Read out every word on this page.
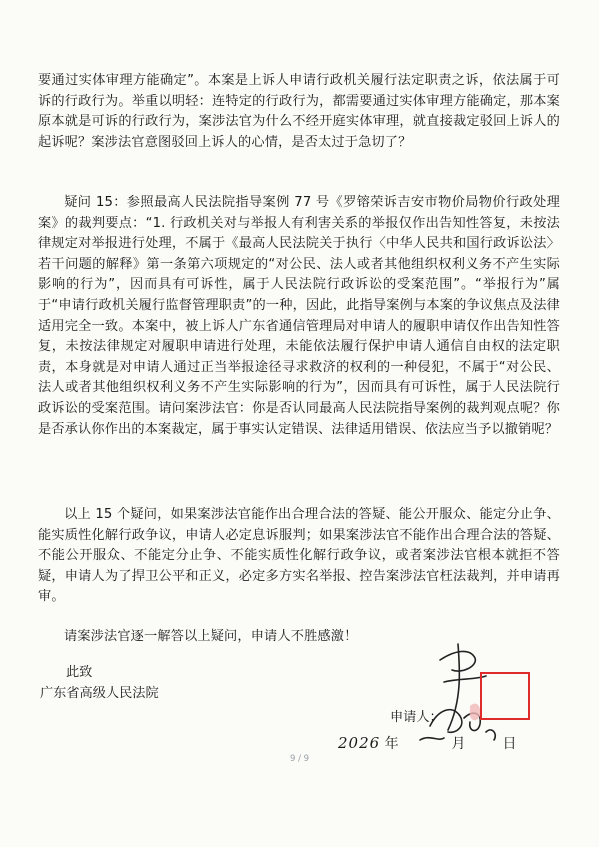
要通过实体审理方能确定”。本案是上诉人申请行政机关履行法定职责之诉，依法属于可诉的行政行为。举重以明轻：连特定的行政行为，都需要通过实体审理方能确定，那本案原本就是可诉的行政行为，案涉法官为什么不经开庭实体审理，就直接裁定驳回上诉人的起诉呢？案涉法官意图驳回上诉人的心情，是否太过于急切了？
疑问 15：参照最高人民法院指导案例 77 号《罗镕荣诉吉安市物价局物价行政处理案》的裁判要点：“1. 行政机关对与举报人有利害关系的举报仅作出告知性答复，未按法律规定对举报进行处理，不属于《最高人民法院关于执行〈中华人民共和国行政诉讼法〉若干问题的解释》第一条第六项规定的“对公民、法人或者其他组织权利义务不产生实际影响的行为”，因而具有可诉性，属于人民法院行政诉讼的受案范围”。“举报行为”属于“申请行政机关履行监督管理职责”的一种，因此，此指导案例与本案的争议焦点及法律适用完全一致。本案中，被上诉人广东省通信管理局对申请人的履职申请仅作出告知性答复，未按法律规定对履职申请进行处理，未能依法履行保护申请人通信自由权的法定职责，本身就是对申请人通过正当举报途径寻求救济的权利的一种侵犯，不属于“对公民、法人或者其他组织权利义务不产生实际影响的行为”，因而具有可诉性，属于人民法院行政诉讼的受案范围。请问案涉法官：你是否认同最高人民法院指导案例的裁判观点呢？你是否承认你作出的本案裁定，属于事实认定错误、法律适用错误、依法应当予以撤销呢？
以上 15 个疑问，如果案涉法官能作出合理合法的答疑、能公开服众、能定分止争、能实质性化解行政争议，申请人必定息诉服判；如果案涉法官不能作出合理合法的答疑、不能公开服众、不能定分止争、不能实质性化解行政争议，或者案涉法官根本就拒不答疑，申请人为了捍卫公平和正义，必定多方实名举报、控告案涉法官枉法裁判，并申请再审。
请案涉法官逐一解答以上疑问，申请人不胜感激！
此致
广东省高级人民法院
申请人：
2026 年	月	日
9 / 9
